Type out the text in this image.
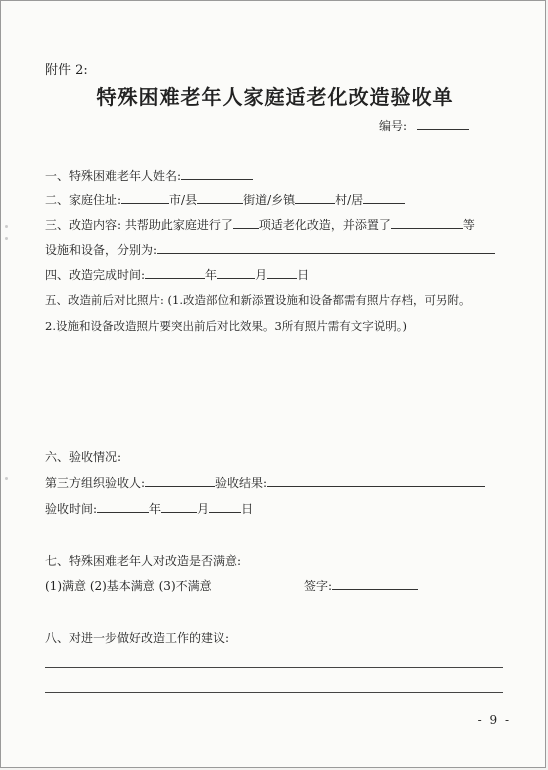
附件 2:
特殊困难老年人家庭适老化改造验收单
编号:
一、特殊困难老年人姓名:
二、家庭住址:	市/县	街道/乡镇	村/居
三、改造内容: 共帮助此家庭进行了 项适老化改造，并添置了	等
设施和设备，分别为:
四、改造完成时间:	年	月	日
五、改造前后对比照片: (1.改造部位和新添置设施和设备都需有照片存档，可另附。
2.设施和设备改造照片要突出前后对比效果。3所有照片需有文字说明。)
六、验收情况:
第三方组织验收人:	验收结果:
验收时间:	年	月	日
七、特殊困难老年人对改造是否满意:
(1)满意 (2)基本满意 (3)不满意	签字:
八、对进一步做好改造工作的建议:
- 9 -
